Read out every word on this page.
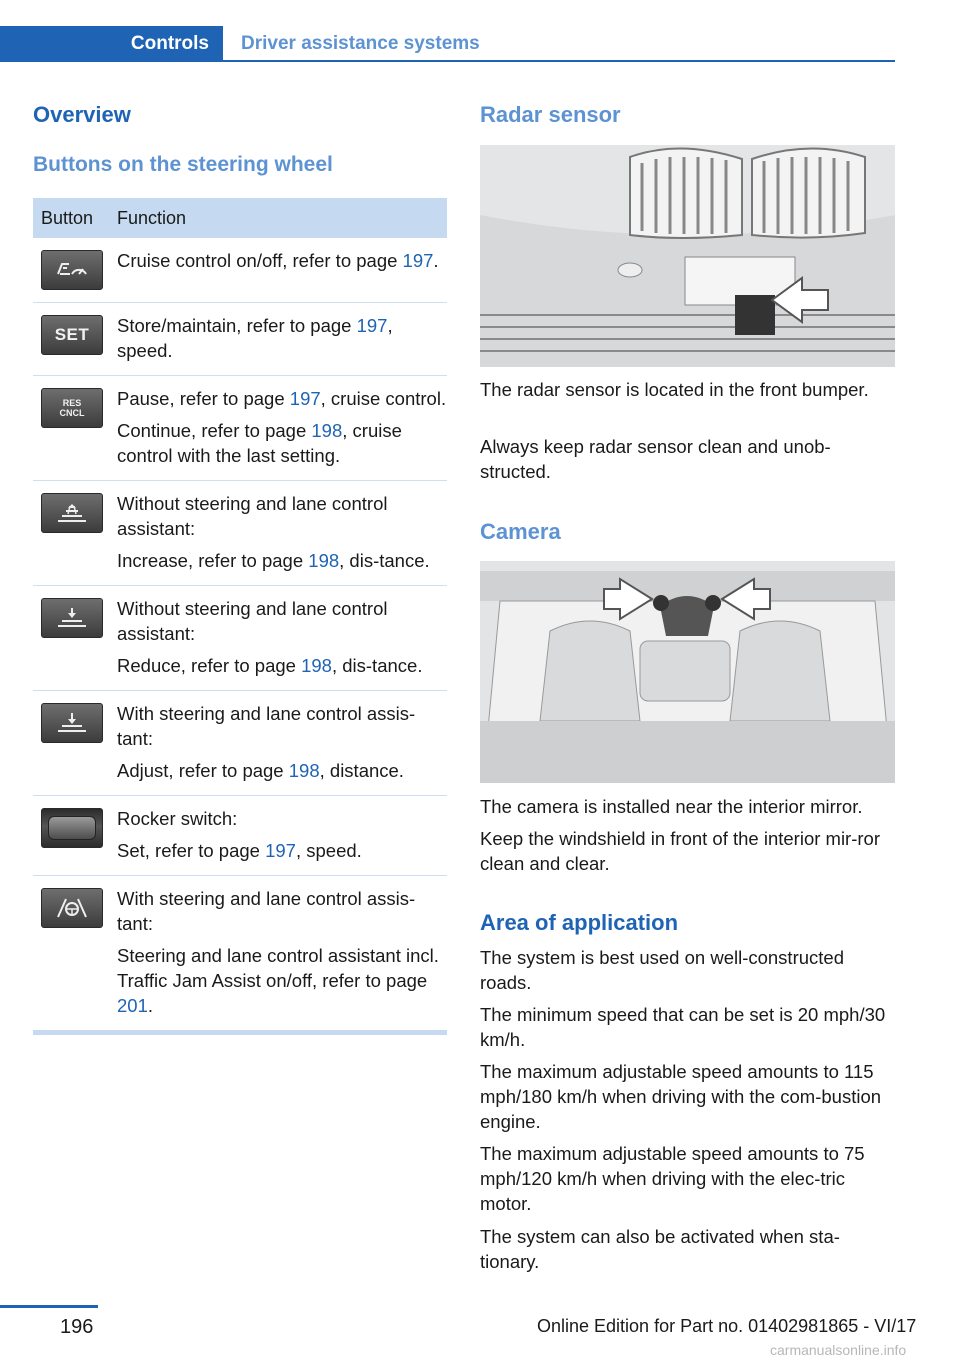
Controls Driver assistance systems
Overview
Buttons on the steering wheel
Button	Function

Cruise control on/off, refer to page 197.

SET Store/maintain, refer to page 197, speed.

RES
CNCL

Pause, refer to page 197, cruise control.

Continue, refer to page 198, cruise control with the last setting.

Without steering and lane control assistant:

Increase, refer to page 198, dis-tance.

Without steering and lane control assistant:

Reduce, refer to page 198, dis-tance.

With steering and lane control assis-tant:

Adjust, refer to page 198, distance.

Rocker switch:

Set, refer to page 197, speed.

With steering and lane control assis-tant:

Steering and lane control assistant incl. Traffic Jam Assist on/off, refer to page 201.

Radar sensor
The radar sensor is located in the front bumper.
Always keep radar sensor clean and unob-structed.
Camera
The camera is installed near the interior mirror.
Keep the windshield in front of the interior mir-ror clean and clear.
Area of application
The system is best used on well-constructed roads.
The minimum speed that can be set is 20 mph/30 km/h.
The maximum adjustable speed amounts to 115 mph/180 km/h when driving with the com-bustion engine.
The maximum adjustable speed amounts to 75 mph/120 km/h when driving with the elec-tric motor.
The system can also be activated when sta-tionary.
196	Online Edition for Part no. 01402981865 - VI/17
carmanualsonline.info
